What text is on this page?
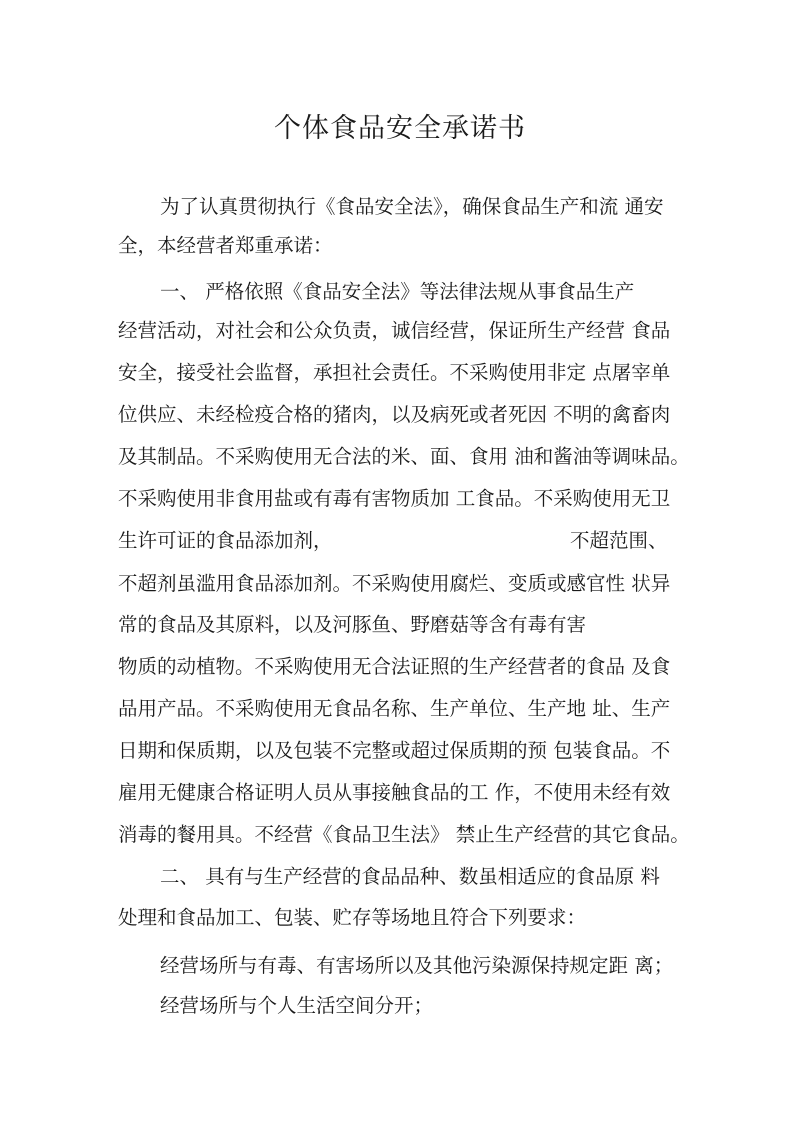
个体食品安全承诺书

为了认真贯彻执行《食品安全法》，确保食品生产和流 通安

全，本经营者郑重承诺：

一、 严格依照《食品安全法》等法律法规从事食品生产

经营活动，对社会和公众负责，诚信经营，保证所生产经营 食品

安全，接受社会监督，承担社会责任。不采购使用非定 点屠宰单

位供应、未经检疫合格的猪肉，以及病死或者死因 不明的禽畜肉

及其制品。不采购使用无合法的米、面、食用 油和酱油等调味品。

不采购使用非食用盐或有毒有害物质加 工食品。不采购使用无卫

生许可证的食品添加剂，	不超范围、

不超剂虽滥用食品添加剂。不采购使用腐烂、变质或感官性 状异

常的食品及其原料，以及河豚鱼、野磨菇等含有毒有害

物质的动植物。不采购使用无合法证照的生产经营者的食品 及食

品用产品。不采购使用无食品名称、生产单位、生产地 址、生产

日期和保质期，以及包装不完整或超过保质期的预 包装食品。不

雇用无健康合格证明人员从事接触食品的工 作，不使用未经有效

消毒的餐用具。不经营《食品卫生法》 禁止生产经营的其它食品。

二、 具有与生产经营的食品品种、数虽相适应的食品原 料

处理和食品加工、包装、贮存等场地且符合下列要求：

经营场所与有毒、有害场所以及其他污染源保持规定距 离；

经营场所与个人生活空间分开；
